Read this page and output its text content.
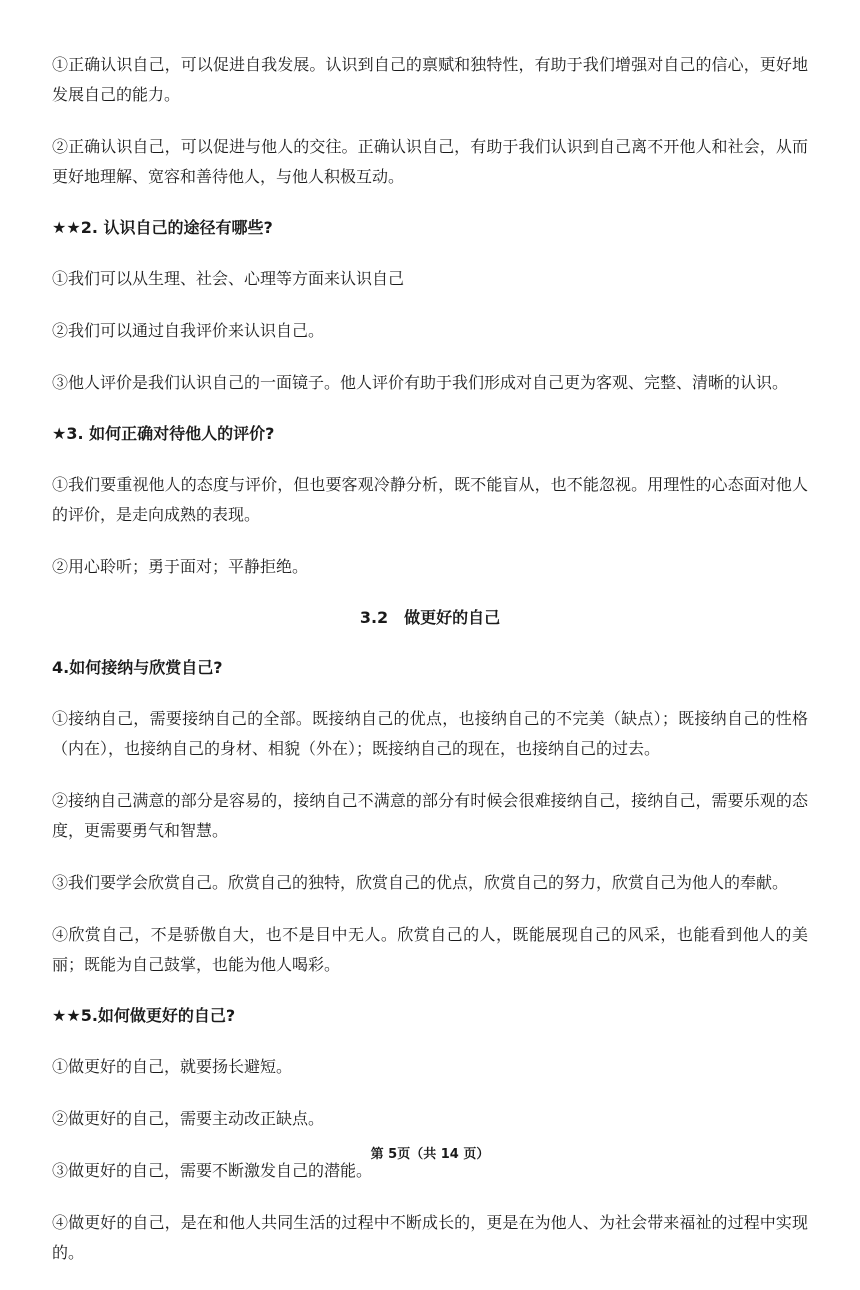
①正确认识自己，可以促进自我发展。认识到自己的禀赋和独特性，有助于我们增强对自己的信心，更好地发展自己的能力。

②正确认识自己，可以促进与他人的交往。正确认识自己，有助于我们认识到自己离不开他人和社会，从而更好地理解、宽容和善待他人，与他人积极互动。

★★2. 认识自己的途径有哪些?

①我们可以从生理、社会、心理等方面来认识自己

②我们可以通过自我评价来认识自己。

③他人评价是我们认识自己的一面镜子。他人评价有助于我们形成对自己更为客观、完整、清晰的认识。

★3. 如何正确对待他人的评价?

①我们要重视他人的态度与评价，但也要客观冷静分析，既不能盲从，也不能忽视。用理性的心态面对他人的评价，是走向成熟的表现。

②用心聆听；勇于面对；平静拒绝。

3.2　做更好的自己
4.如何接纳与欣赏自己?

①接纳自己，需要接纳自己的全部。既接纳自己的优点，也接纳自己的不完美（缺点）；既接纳自己的性格（内在），也接纳自己的身材、相貌（外在）；既接纳自己的现在，也接纳自己的过去。

②接纳自己满意的部分是容易的，接纳自己不满意的部分有时候会很难接纳自己，接纳自己，需要乐观的态度，更需要勇气和智慧。

③我们要学会欣赏自己。欣赏自己的独特，欣赏自己的优点，欣赏自己的努力，欣赏自己为他人的奉献。

④欣赏自己，不是骄傲自大，也不是目中无人。欣赏自己的人，既能展现自己的风采，也能看到他人的美丽；既能为自己鼓掌，也能为他人喝彩。

★★5.如何做更好的自己?

①做更好的自己，就要扬长避短。

②做更好的自己，需要主动改正缺点。

③做更好的自己，需要不断激发自己的潜能。

④做更好的自己，是在和他人共同生活的过程中不断成长的，更是在为他人、为社会带来福祉的过程中实现的。

第 5页（共 14 页）
